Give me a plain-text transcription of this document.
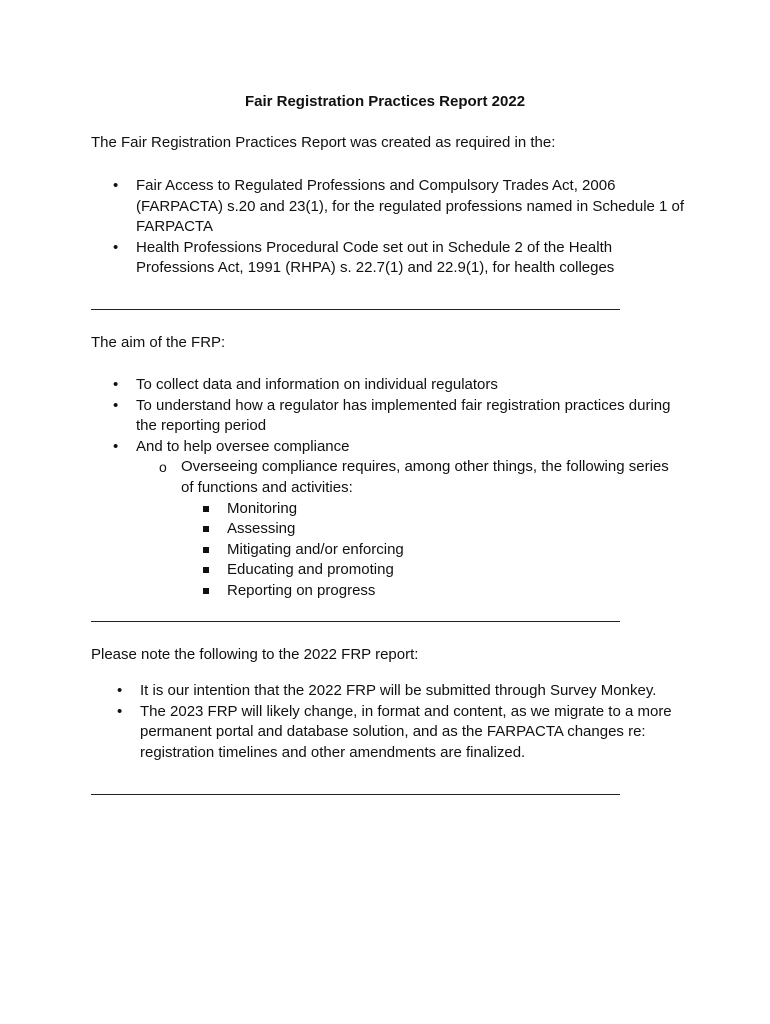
Fair Registration Practices Report 2022

The Fair Registration Practices Report was created as required in the:

• Fair Access to Regulated Professions and Compulsory Trades Act, 2006 (FARPACTA) s.20 and 23(1), for the regulated professions named in Schedule 1 of FARPACTA
• Health Professions Procedural Code set out in Schedule 2 of the Health Professions Act, 1991 (RHPA) s. 22.7(1) and 22.9(1), for health colleges

The aim of the FRP:

• To collect data and information on individual regulators
• To understand how a regulator has implemented fair registration practices during the reporting period
• And to help oversee compliance
o Overseeing compliance requires, among other things, the following series of functions and activities:
Monitoring
Assessing
Mitigating and/or enforcing
Educating and promoting
Reporting on progress

Please note the following to the 2022 FRP report:

• It is our intention that the 2022 FRP will be submitted through Survey Monkey.
• The 2023 FRP will likely change, in format and content, as we migrate to a more permanent portal and database solution, and as the FARPACTA changes re: registration timelines and other amendments are finalized.
